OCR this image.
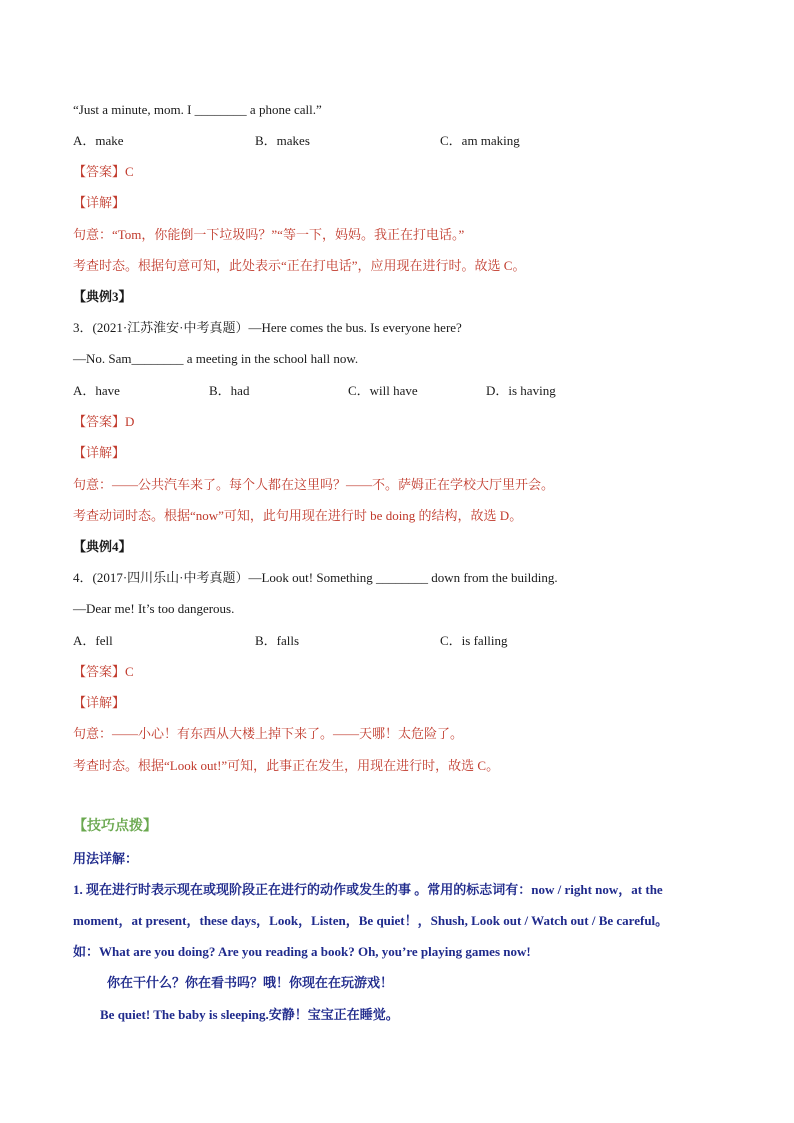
“Just a minute, mom. I ________ a phone call.”
A．make	B．makes	C．am making
【答案】C
【详解】
句意：“Tom，你能倒一下垃圾吗？”“等一下，妈妈。我正在打电话。”
考查时态。根据句意可知，此处表示“正在打电话”，应用现在进行时。故选 C。
【典例3】
3．(2021·江苏淮安·中考真题）—Here comes the bus. Is everyone here?
—No. Sam________ a meeting in the school hall now.
A．have	B．had	C．will have	D．is having
【答案】D
【详解】
句意：——公共汽车来了。每个人都在这里吗？——不。萨姆正在学校大厅里开会。
考查动词时态。根据“now”可知，此句用现在进行时 be doing 的结构，故选 D。
【典例4】
4．(2017·四川乐山·中考真题）—Look out! Something ________ down from the building.
—Dear me! It’s too dangerous.
A．fell	B．falls	C．is falling
【答案】C
【详解】
句意：——小心！有东西从大楼上掉下来了。——天哪！太危险了。
考查时态。根据“Look out!”可知，此事正在发生，用现在进行时，故选 C。
【技巧点拨】
用法详解：
1. 现在进行时表示现在或现阶段正在进行的动作或发生的事 。常用的标志词有：now / right now，at the
moment，at present，these days，Look，Listen，Be quiet！，Shush, Look out / Watch out / Be careful。
如：What are you doing? Are you reading a book? Oh, you’re playing games now!
你在干什么？你在看书吗？哦！你现在在玩游戏！
Be quiet! The baby is sleeping.安静！宝宝正在睡觉。
